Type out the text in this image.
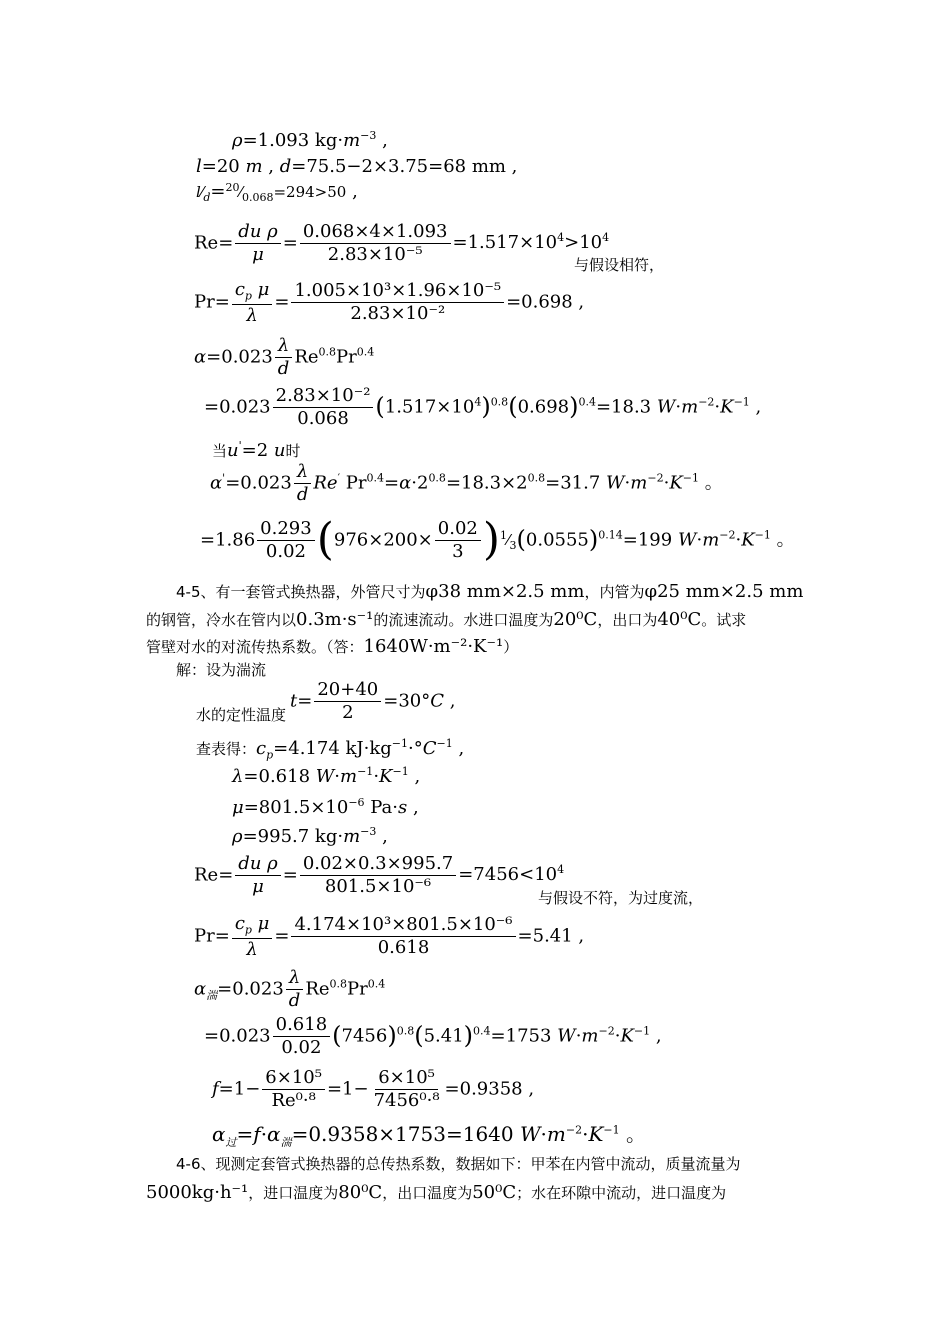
ρ=1.093 $kg\cdot m^{-3}$ ,
l=20 m , d=75.5−2×3.75=68 mm ,
$l⁄_d=^{20}⁄_{0.068}=294>50$ ,
$Re= \frac{\text{du ρ}}{\mu} = \frac{0.068\times 4\times 1.093}{\text{2.83×10⁻⁵}} =1.517\times 10^4>10^4$
与假设相符，
$Pr= \frac{c_p \mu}{\lambda} = \frac{\text{1.005×10³×1.96×10⁻⁵}}{\text{2.83×10⁻²}} =0.698$ ,
$\alpha=0.023 \frac{\lambda}{d} Re^{0.8}Pr^{0.4}$
$=0.023 \frac{\text{2.83×10⁻²}}{0.068} (1.517\times 10^4)^{0.8}(0.698)^{0.4}=18.3$ $W\cdot m^{-2}\cdot K^{-1}$ ,
当u'=2 u时
$\alpha'=0.023 \frac{\lambda}{d} Re'$ $Pr^{0.4}=\alpha\cdot 2^{0.8}=18.3\times 2^{0.8}=31.7$ $W\cdot m^{-2}\cdot K^{-1}$ 。
$=1.86 \frac{0.293}{0.02} (976\times 200\times \frac{0.02}{3}$ )$^1⁄_3(0.0555)^{0.14}=199$ $W\cdot m^{-2}\cdot K^{-1}$ 。
4-5、有一套管式换热器，外管尺寸为φ38 mm×2.5 mm，内管为φ25 mm×2.5 mm
的钢管，冷水在管内以0.3m·s⁻¹的流速流动。水进口温度为20⁰C，出口为40⁰C。试求
管壁对水的对流传热系数。（答：1640W·m⁻²·K⁻¹）
解：设为湍流
$_{水的定性温度}t= \frac{20+40}{2} =30^\circ C$ ,
查表得：$c_p=4.174$ $kJ\cdot kg^{-1}\cdot^\circ C^{-1}$ ,
λ=0.618 $W\cdot m^{-1}\cdot K^{-1}$ ,
$\mu=801.5\times 10^{-6}$ Pa·s ,
ρ=995.7 $kg\cdot m^{-3}$ ,
$Re= \frac{\text{du ρ}}{\mu} = \frac{0.02\times 0.3\times 995.7}{\text{801.5×10⁻⁶}} =7456<10^4$
与假设不符，为过度流，
$Pr= \frac{c_p \mu}{\lambda} = \frac{\text{4.174×10³×801.5×10⁻⁶}}{0.618} =5.41$ ,
$\alpha_湍=0.023 \frac{\lambda}{d} Re^{0.8}Pr^{0.4}$
$=0.023 \frac{0.618}{0.02} (7456)^{0.8}(5.41)^{0.4}=1753$ $W\cdot m^{-2}\cdot K^{-1}$ ,
$f=1- \frac{\text{6×10⁵}}{\text{Re⁰·⁸}} =1- \frac{\text{6×10⁵}}{\text{7456⁰·⁸}} =0.9358$ ,
$\alpha_过=f\cdot\alpha_湍=0.9358\times 1753=1640$ $W\cdot m^{-2}\cdot K^{-1}$ 。
4-6、现测定套管式换热器的总传热系数，数据如下：甲苯在内管中流动，质量流量为
5000kg·h⁻¹，进口温度为80⁰C，出口温度为50⁰C；水在环隙中流动，进口温度为
